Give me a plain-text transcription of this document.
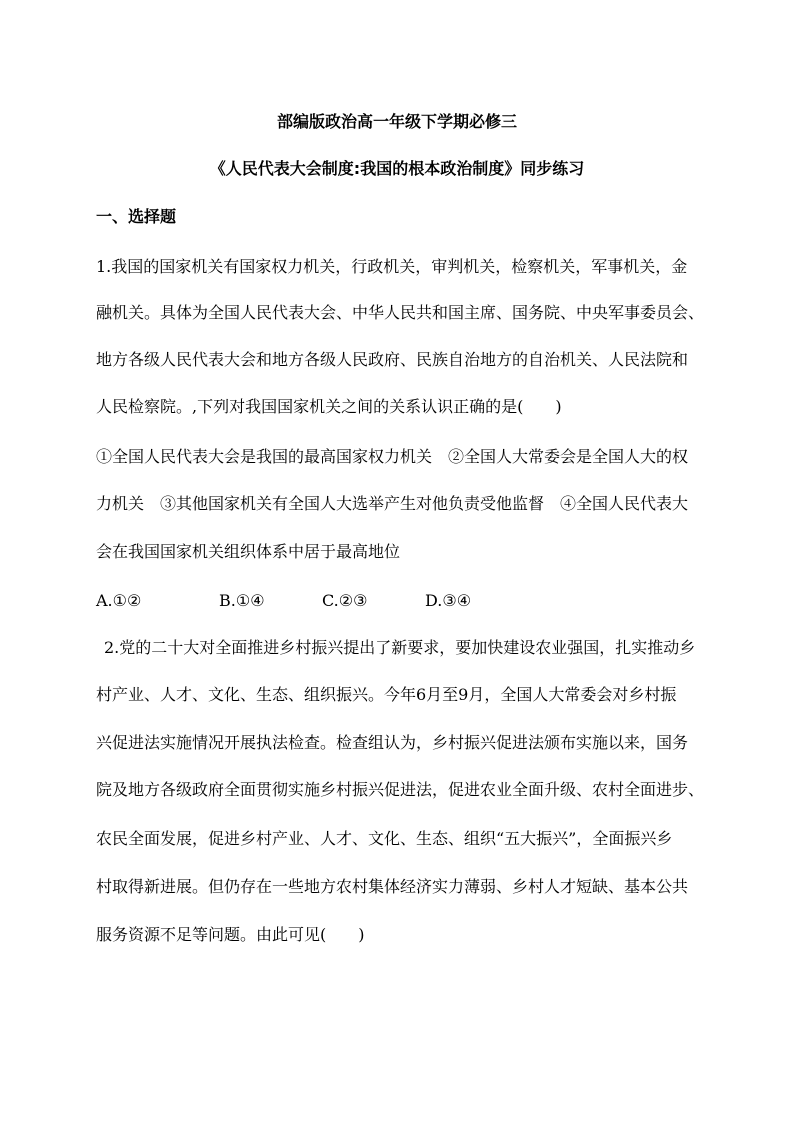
部编版政治高一年级下学期必修三
《人民代表大会制度:我国的根本政治制度》同步练习
一、选择题
1.我国的国家机关有国家权力机关，行政机关，审判机关，检察机关，军事机关，金
融机关。具体为全国人民代表大会、中华人民共和国主席、国务院、中央军事委员会、
地方各级人民代表大会和地方各级人民政府、民族自治地方的自治机关、人民法院和
人民检察院。,下列对我国国家机关之间的关系认识正确的是(　　)
①全国人民代表大会是我国的最高国家权力机关　②全国人大常委会是全国人大的权
力机关　③其他国家机关有全国人大选举产生对他负责受他监督　④全国人民代表大
会在我国国家机关组织体系中居于最高地位
A.①②	B.①④	C.②③	D.③④
2.党的二十大对全面推进乡村振兴提出了新要求，要加快建设农业强国，扎实推动乡
村产业、人才、文化、生态、组织振兴。今年6月至9月，全国人大常委会对乡村振
兴促进法实施情况开展执法检查。检查组认为，乡村振兴促进法颁布实施以来，国务
院及地方各级政府全面贯彻实施乡村振兴促进法，促进农业全面升级、农村全面进步、
农民全面发展，促进乡村产业、人才、文化、生态、组织“五大振兴”，全面振兴乡
村取得新进展。但仍存在一些地方农村集体经济实力薄弱、乡村人才短缺、基本公共
服务资源不足等问题。由此可见(　　)
